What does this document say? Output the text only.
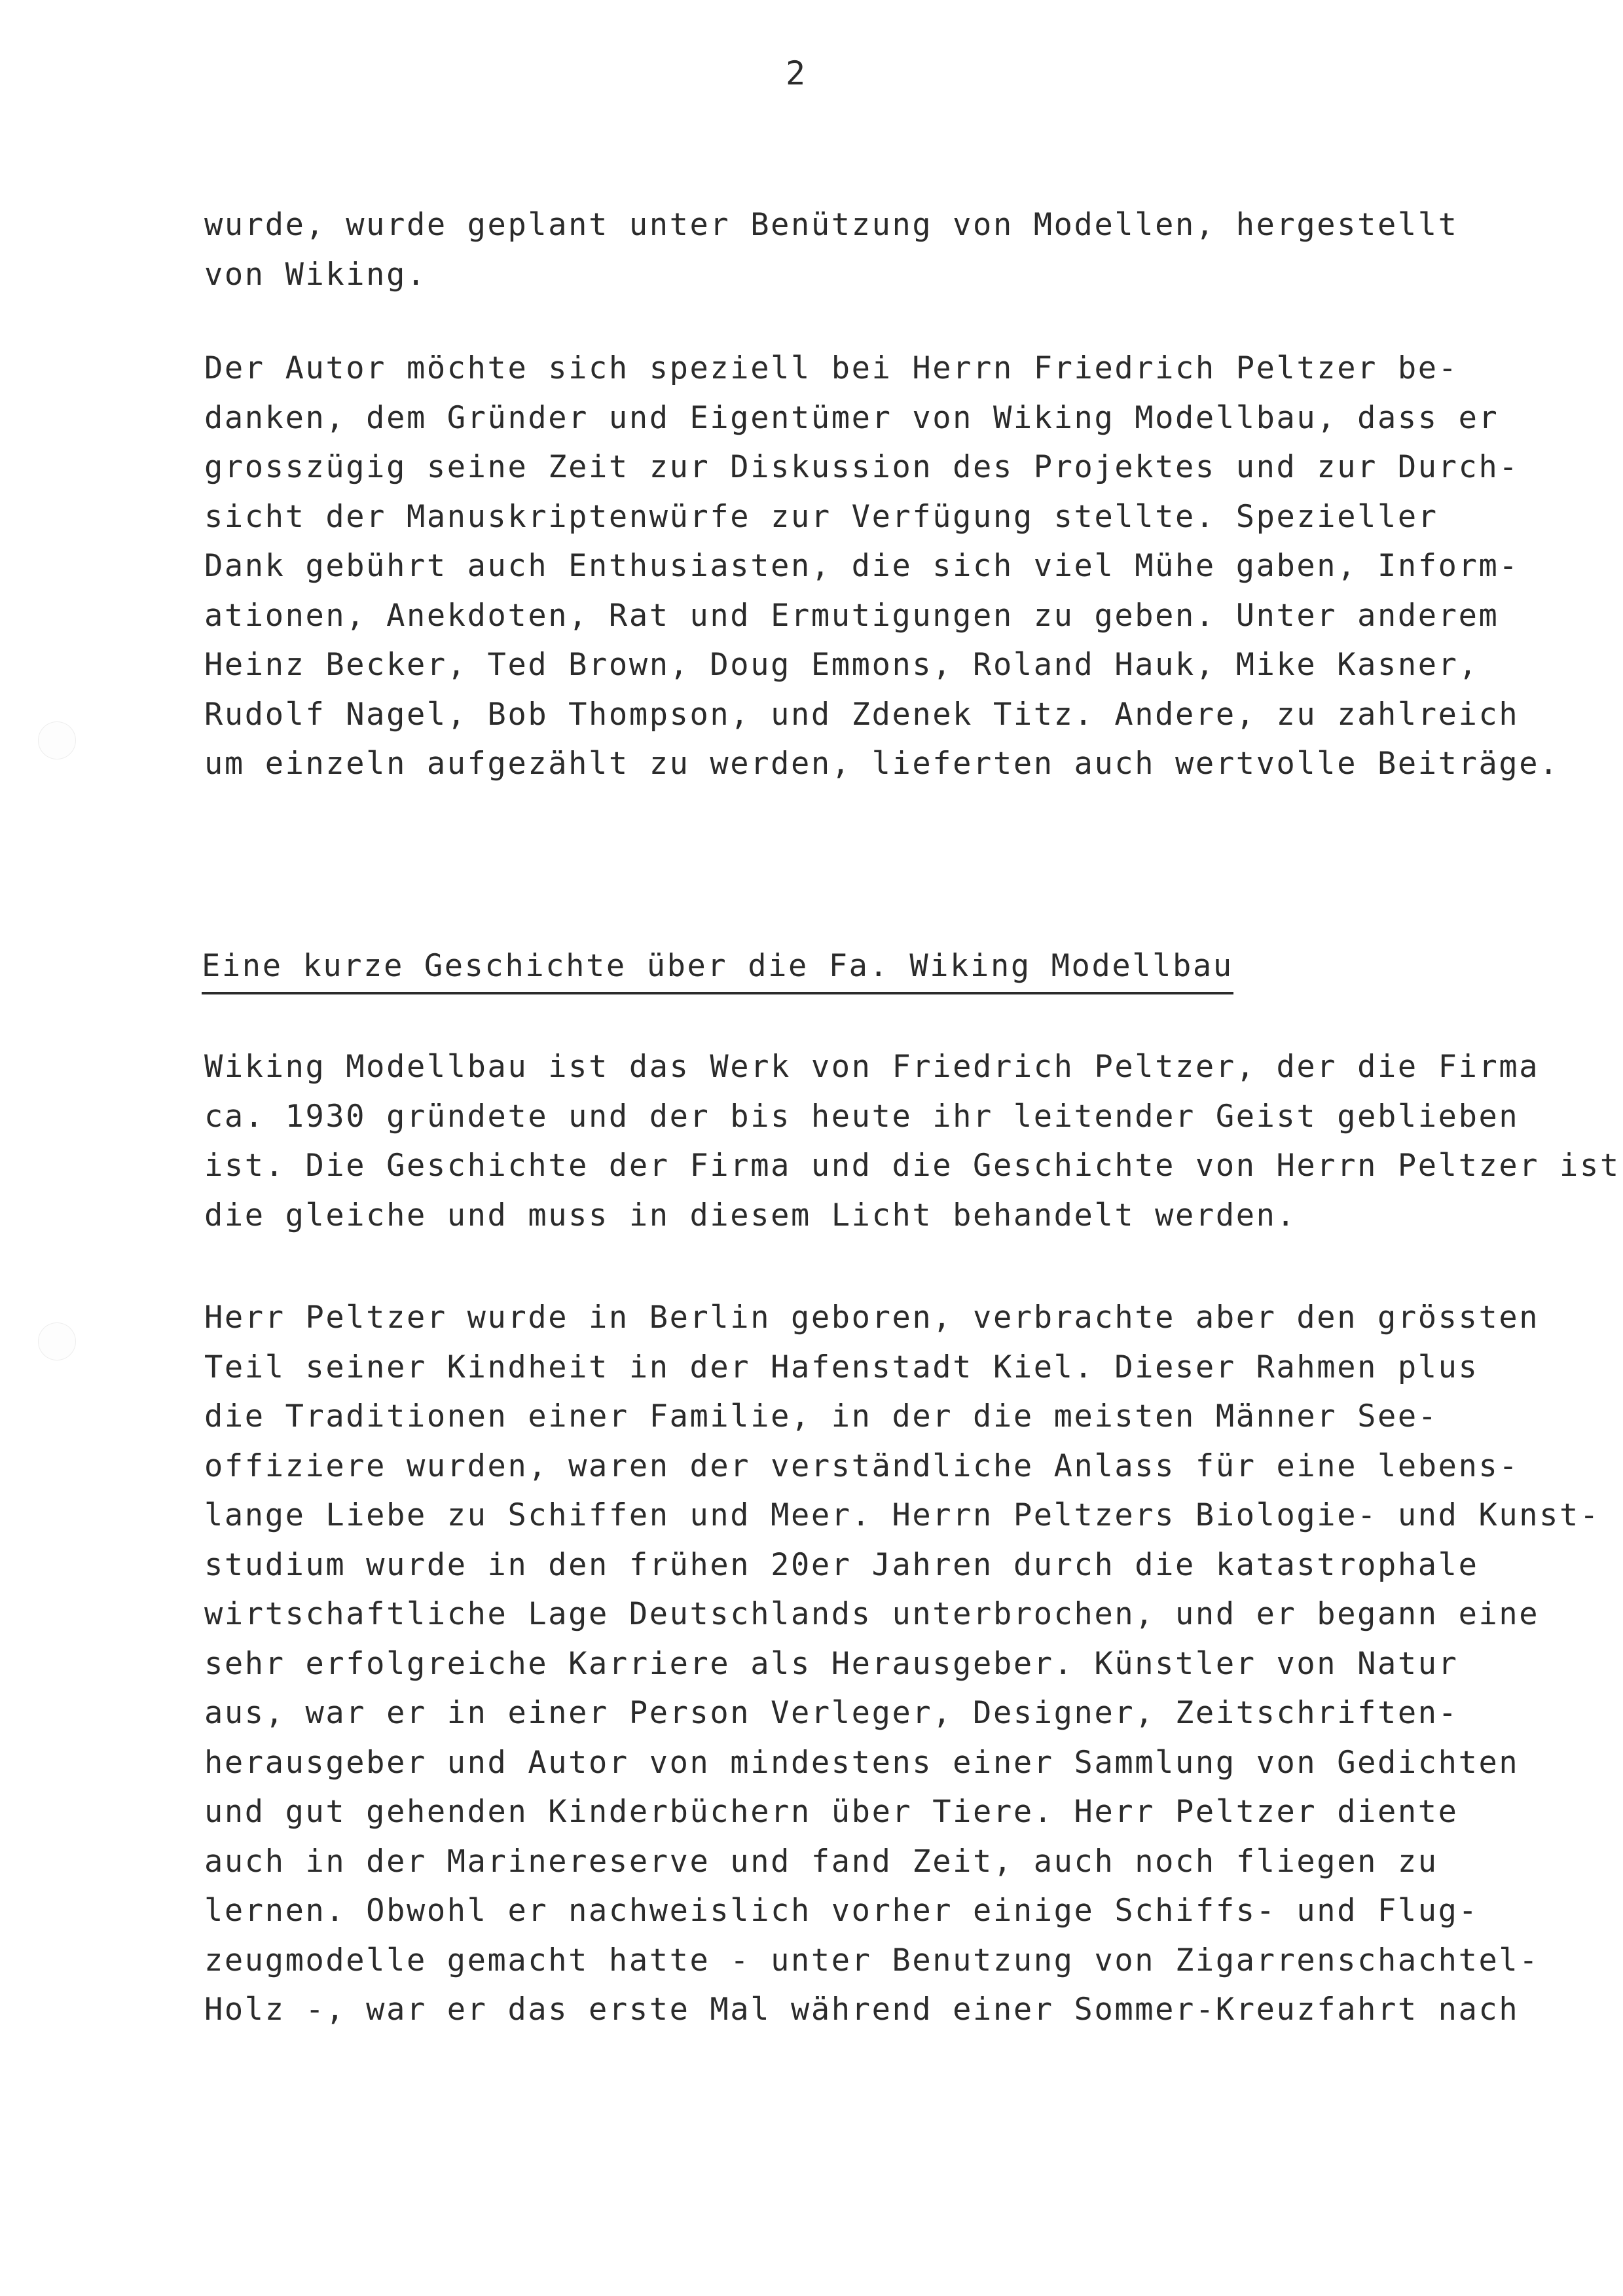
2
wurde, wurde geplant unter Benützung von Modellen, hergestellt
von Wiking.
Der Autor möchte sich speziell bei Herrn Friedrich Peltzer be-
danken, dem Gründer und Eigentümer von Wiking Modellbau, dass er
grosszügig seine Zeit zur Diskussion des Projektes und zur Durch-
sicht der Manuskriptenwürfe zur Verfügung stellte. Spezieller
Dank gebührt auch Enthusiasten, die sich viel Mühe gaben, Inform-
ationen, Anekdoten, Rat und Ermutigungen zu geben. Unter anderem
Heinz Becker, Ted Brown, Doug Emmons, Roland Hauk, Mike Kasner,
Rudolf Nagel, Bob Thompson, und Zdenek Titz. Andere, zu zahlreich
um einzeln aufgezählt zu werden, lieferten auch wertvolle Beiträge.
Eine kurze Geschichte über die Fa. Wiking Modellbau
Wiking Modellbau ist das Werk von Friedrich Peltzer, der die Firma
ca. 1930 gründete und der bis heute ihr leitender Geist geblieben
ist. Die Geschichte der Firma und die Geschichte von Herrn Peltzer ist
die gleiche und muss in diesem Licht behandelt werden.
Herr Peltzer wurde in Berlin geboren, verbrachte aber den grössten
Teil seiner Kindheit in der Hafenstadt Kiel. Dieser Rahmen plus
die Traditionen einer Familie, in der die meisten Männer See-
offiziere wurden, waren der verständliche Anlass für eine lebens-
lange Liebe zu Schiffen und Meer. Herrn Peltzers Biologie- und Kunst-
studium wurde in den frühen 20er Jahren durch die katastrophale
wirtschaftliche Lage Deutschlands unterbrochen, und er begann eine
sehr erfolgreiche Karriere als Herausgeber. Künstler von Natur
aus, war er in einer Person Verleger, Designer, Zeitschriften-
herausgeber und Autor von mindestens einer Sammlung von Gedichten
und gut gehenden Kinderbüchern über Tiere. Herr Peltzer diente
auch in der Marinereserve und fand Zeit, auch noch fliegen zu
lernen. Obwohl er nachweislich vorher einige Schiffs- und Flug-
zeugmodelle gemacht hatte - unter Benutzung von Zigarrenschachtel-
Holz -, war er das erste Mal während einer Sommer-Kreuzfahrt nach
